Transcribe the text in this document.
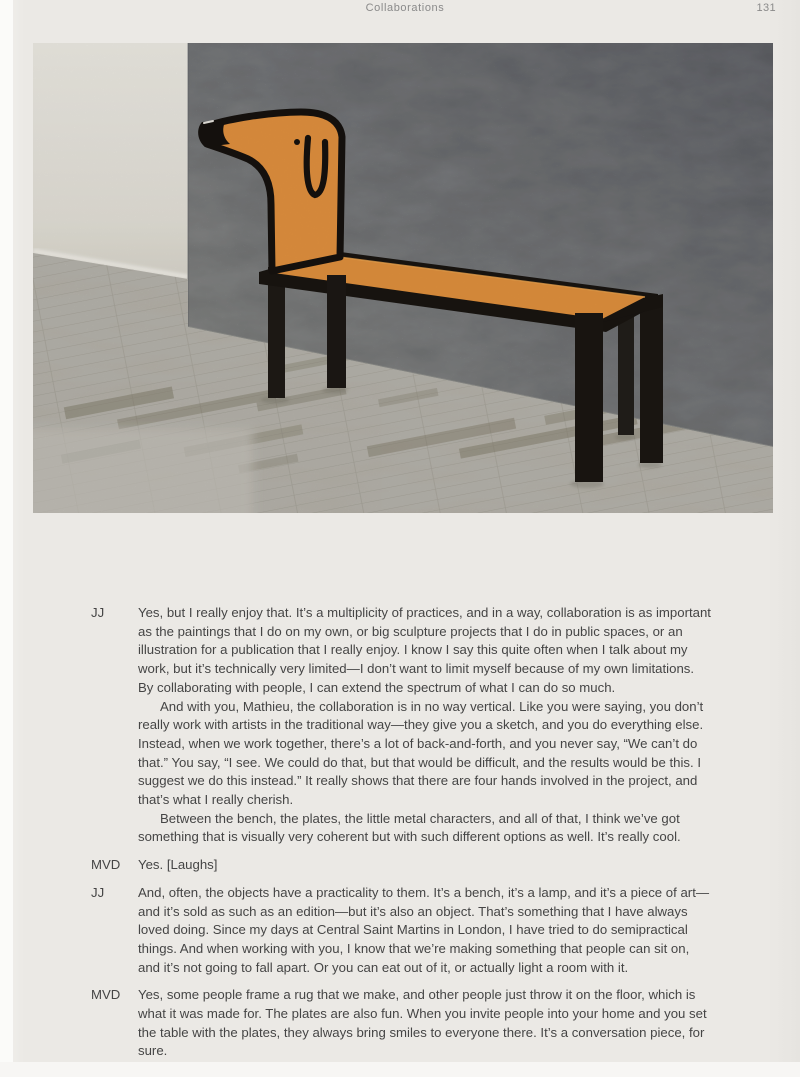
Collaborations	131
JJ	Yes, but I really enjoy that. It’s a multiplicity of practices, and in a way, collaboration is as important as the paintings that I do on my own, or big sculpture projects that I do in public spaces, or an illustration for a publication that I really enjoy. I know I say this quite often when I talk about my work, but it’s technically very limited—I don’t want to limit myself because of my own limitations. By collaborating with people, I can extend the spectrum of what I can do so much.

And with you, Mathieu, the collaboration is in no way vertical. Like you were saying, you don’t really work with artists in the traditional way—they give you a sketch, and you do everything else. Instead, when we work together, there’s a lot of back-and-forth, and you never say, “We can’t do that.” You say, “I see. We could do that, but that would be difficult, and the results would be this. I suggest we do this instead.” It really shows that there are four hands involved in the project, and that’s what I really cherish.

Between the bench, the plates, the little metal characters, and all of that, I think we’ve got something that is visually very coherent but with such different options as well. It’s really cool.

MVD Yes. [Laughs]

JJ	And, often, the objects have a practicality to them. It’s a bench, it’s a lamp, and it’s a piece of art—and it’s sold as such as an edition—but it’s also an object. That’s something that I have always loved doing. Since my days at Central Saint Martins in London, I have tried to do semipractical things. And when working with you, I know that we’re making something that people can sit on, and it’s not going to fall apart. Or you can eat out of it, or actually light a room with it.

MVD Yes, some people frame a rug that we make, and other people just throw it on the floor, which is what it was made for. The plates are also fun. When you invite people into your home and you set the table with the plates, they always bring smiles to everyone there. It’s a conversation piece, for sure.
